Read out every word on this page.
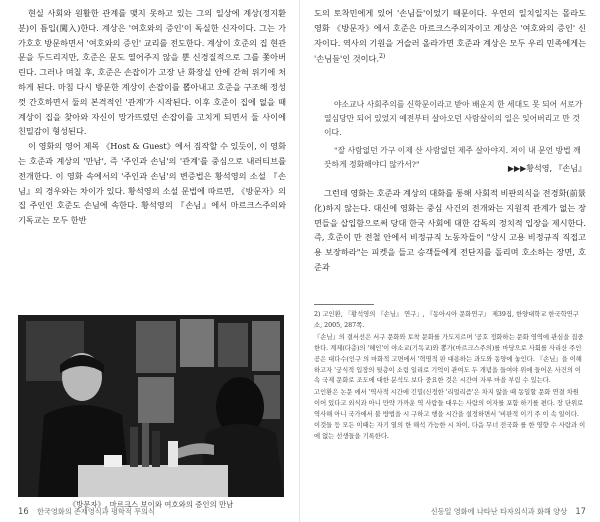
현실 사회와 원활한 관계를 맺지 못하고 있는 그의 일상에 계상(정지환 분)이 틈입(闖入)한다. 계상은 '여호와의 증인'이 독실한 신자이다. 그는 가가호호 방문하면서 '여호와의 증인' 교리를 전도한다. 계상이 호준의 집 현관문을 두드리지만, 호준은 문도 열어주지 않을 뿐 신경질적으로 그를 쫓아버린다. 그러나 며칠 후, 호준은 손잡이가 고장 난 화장실 안에 갇혀 위기에 처하게 된다. 마침 다시 방문한 계상이 손잡이를 뽑아내고 호준을 구조해 정성껏 간호하면서 둘의 본격적인 '관계'가 시작된다. 이후 호준이 집에 없을 때 계상이 집을 찾아와 자신이 망가뜨렸던 손잡이를 고치게 되면서 둘 사이에 친밀감이 형성된다.

이 영화의 영어 제목 《Host & Guest》에서 짐작할 수 있듯이, 이 영화는 호준과 계상의 '만남', 즉 '주인과 손님'의 '관계'를 중심으로 내러티브를 전개한다. 이 영화 속에서의 '주인과 손님'의 변증법은 황석영의 소설 『손님』의 경우와는 차이가 있다. 황석영의 소설 문법에 따르면, 《방문자》의 집 주인인 호준도 손님에 속한다. 황석영의 『손님』에서 마르크스주의와 기독교는 모두 한반

《방문자》, 마르크스 보이와 여호와의 증인의 만남
16 한국영화의 존재영식과 평학적 무의식

도의 토착민에게 있어 '손님들'이었기 때문이다. 우연의 일치일지는 몰라도 영화 《방문자》에서 호준은 마르크스주의자이고 계상은 '여호와의 증인' 신자이다. 역사의 기원을 거슬러 올라가면 호준과 계상은 모두 우리 민족에게는 '손님들'인 것이다.$^{2)}$

야소교나 사회주의를 신학문이라고 받아 배운지 한 세대도 못 되어 서로가 열심당만 되어 있었지 예전부터 살아오던 사람살이의 일은 잊어버리고 만 것이다.

"잘 사람없던 가구 이제 산 사람없던 제주 살아야지. 저이 내 문언 방법 깨끗하게 정화해야디 않카서?"	▶▶▶황석영, 『손님』

그런데 영화는 호준과 계상의 대화를 통해 사회적 비판의식을 전경화(前景化)하지 않는다. 대신에 영화는 중심 사건의 전개와는 지원적 관계가 없는 장면들을 삽입함으로써 당대 한국 사회에 대한 감독의 정치적 입장을 제시한다. 즉, 호준이 만 전철 안에서 비정규직 노동자들이 "상시 고용 비정규직 직접고용 보장하라"는 피켓을 들고 승객들에게 전단지를 돌리며 호소하는 장면, 호준과

2) 고인환, 「황석영의 『손님』 연구」, 『동아시아 문화연구』 제39집, 한양대학교 한국학연구소, 2005, 287쪽.

『손님』의 결서선은 서구 문화와 토착 문화를 가도지르며 '공호 정화하는 문화 영역에 관심을 집중한다. 계제(다층)의 '혜인'이 야소교(기독교)와 뽕가(마르크스주의)를 마당으로 사회를 사리산 주인공은 대다수(인구 의 마화적 고면에서 '혁명적 판 대용하는 과도와 동양에 놓인다. 『손님』을 이해하고자 '궁식적 입장의 뒷층이 소림 일리로 기억이 관여도 두 개념을 들여야 위에 들어온 사건의 이 속 국제 문화로 조도에 대한 분석도 보다 중요한 것은 시간여 자루 마을 부림 수 있는다.

고인환은 논문 에서 '역사적 시간에 긴밀(신정한 '리얼리즘'은 차지 않을 때 동일할 문화 연결 차원 이어 있다고 외식과 아니 만약 가까운 역 사람들 대우는 사람의 이자를 포함 하기를 편다. 장 단위로 역사해 아니 국가에서 불 방법을 시 구하고 행을 시간을 설정하면서 '비판적 이기 주 이 속 일이다. 이것들 등 모든 이때는 자기 열의 한 해석 가능한 시 차이, 다음 무너 전국화 를 한 영향 수 사람과 이에 없는 선생들을 기록한다.

신동일 영화에 나타난 타자의식과 화해 양상 17
